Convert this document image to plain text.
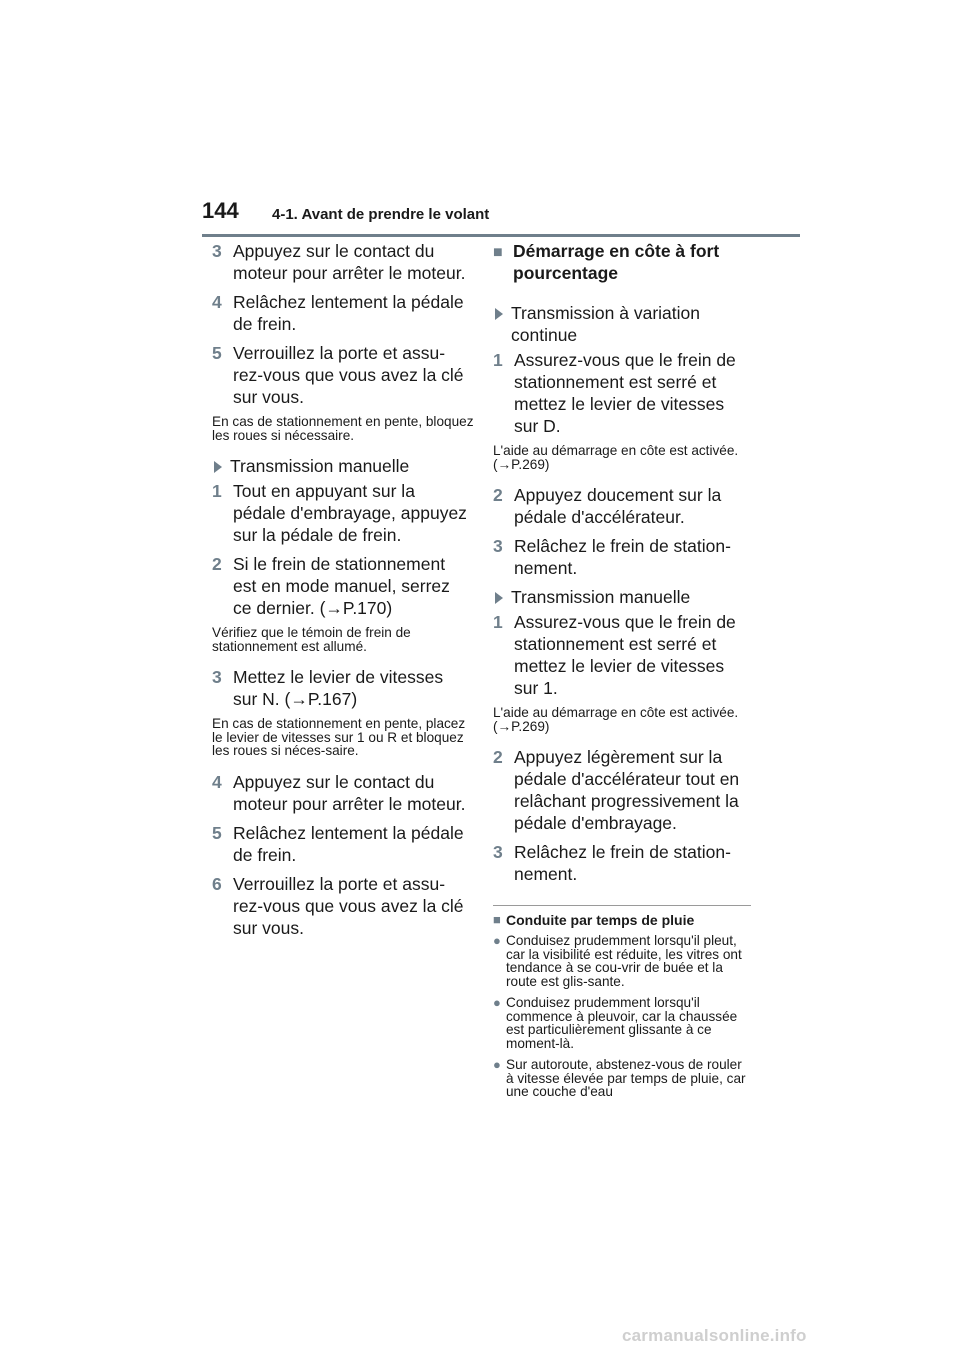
144 4-1. Avant de prendre le volant
3 Appuyez sur le contact du moteur pour arrêter le moteur.
4 Relâchez lentement la pédale de frein.
5 Verrouillez la porte et assu-rez-vous que vous avez la clé sur vous.
En cas de stationnement en pente, bloquez les roues si nécessaire.
Transmission manuelle
1 Tout en appuyant sur la pédale d'embrayage, appuyez sur la pédale de frein.
2 Si le frein de stationnement est en mode manuel, serrez ce dernier. (→P.170)
Vérifiez que le témoin de frein de stationnement est allumé.
3 Mettez le levier de vitesses sur N. (→P.167)
En cas de stationnement en pente, placez le levier de vitesses sur 1 ou R et bloquez les roues si néces-saire.
4 Appuyez sur le contact du moteur pour arrêter le moteur.
5 Relâchez lentement la pédale de frein.
6 Verrouillez la porte et assu-rez-vous que vous avez la clé sur vous.
■ Démarrage en côte à fort pourcentage
Transmission à variation continue
1 Assurez-vous que le frein de stationnement est serré et mettez le levier de vitesses sur D.
L'aide au démarrage en côte est activée. (→P.269)
2 Appuyez doucement sur la pédale d'accélérateur.
3 Relâchez le frein de station-nement.
Transmission manuelle
1 Assurez-vous que le frein de stationnement est serré et mettez le levier de vitesses sur 1.
L'aide au démarrage en côte est activée. (→P.269)
2 Appuyez légèrement sur la pédale d'accélérateur tout en relâchant progressivement la pédale d'embrayage.
3 Relâchez le frein de station-nement.
■ Conduite par temps de pluie
● Conduisez prudemment lorsqu'il pleut, car la visibilité est réduite, les vitres ont tendance à se cou-vrir de buée et la route est glis-sante.
● Conduisez prudemment lorsqu'il commence à pleuvoir, car la chaussée est particulièrement glissante à ce moment-là.
● Sur autoroute, abstenez-vous de rouler à vitesse élevée par temps de pluie, car une couche d'eau
carmanualsonline.info
